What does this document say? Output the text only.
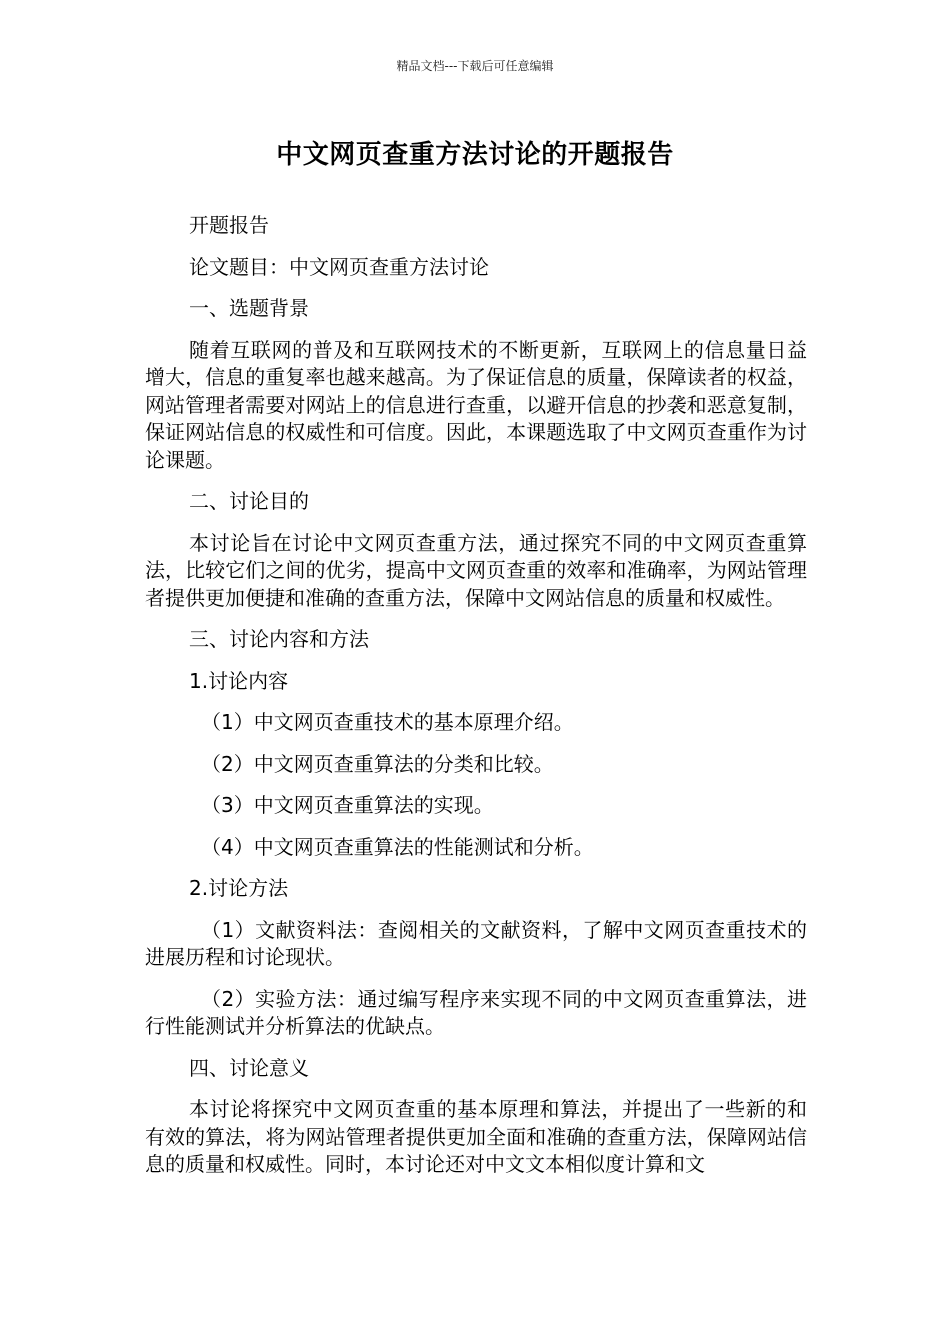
精品文档---下载后可任意编辑
中文网页查重方法讨论的开题报告

开题报告

论文题目：中文网页查重方法讨论

一、选题背景

随着互联网的普及和互联网技术的不断更新，互联网上的信息量日益增大，信息的重复率也越来越高。为了保证信息的质量，保障读者的权益，网站管理者需要对网站上的信息进行查重，以避开信息的抄袭和恶意复制，保证网站信息的权威性和可信度。因此，本课题选取了中文网页查重作为讨论课题。

二、讨论目的

本讨论旨在讨论中文网页查重方法，通过探究不同的中文网页查重算法，比较它们之间的优劣，提高中文网页查重的效率和准确率，为网站管理者提供更加便捷和准确的查重方法，保障中文网站信息的质量和权威性。

三、讨论内容和方法

1.讨论内容

（1）中文网页查重技术的基本原理介绍。

（2）中文网页查重算法的分类和比较。

（3）中文网页查重算法的实现。

（4）中文网页查重算法的性能测试和分析。

2.讨论方法

（1）文献资料法：查阅相关的文献资料，了解中文网页查重技术的进展历程和讨论现状。

（2）实验方法：通过编写程序来实现不同的中文网页查重算法，进行性能测试并分析算法的优缺点。

四、讨论意义

本讨论将探究中文网页查重的基本原理和算法，并提出了一些新的和有效的算法，将为网站管理者提供更加全面和准确的查重方法，保障网站信息的质量和权威性。同时，本讨论还对中文文本相似度计算和文
